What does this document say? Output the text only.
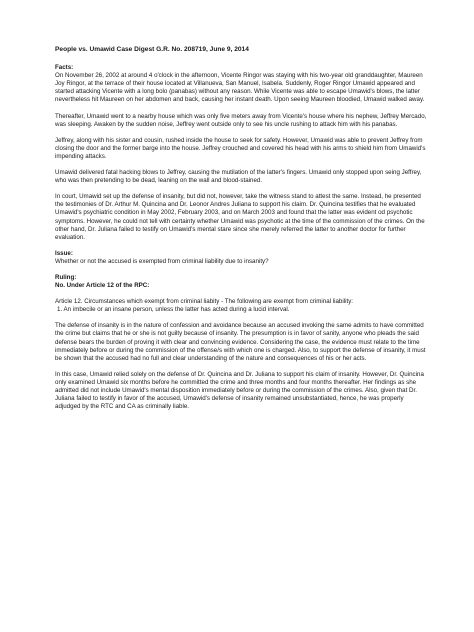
People vs. Umawid Case Digest G.R. No. 208719, June 9, 2014

Facts:

On November 26, 2002 at around 4 o'clock in the afternoon, Vicente Ringor was staying with his two-year old granddaughter, Maureen Joy Ringor, at the terrace of their house located at Villanueva, San Manuel, Isabela. Suddenly, Roger Ringor Umawid appeared and started attacking Vicente with a long bolo (panabas) without any reason. While Vicente was able to escape Umawid's blows, the latter nevertheless hit Maureen on her abdomen and back, causing her instant death. Upon seeing Maureen bloodied, Umawid walked away.

Thereafter, Umawid went to a nearby house which was only five meters away from Vicente's house where his nephew, Jeffrey Mercado, was sleeping. Awaken by the sudden noise, Jeffrey went outside only to see his uncle rushing to attack him with his panabas.

Jeffrey, along with his sister and cousin, rushed inside the house to seek for safety. However, Umawid was able to prevent Jeffrey from closing the door and the former barge into the house. Jeffrey crouched and covered his head with his arms to shield him from Umawid's impending attacks.

Umawid delivered fatal hacking blows to Jeffrey, causing the mutilation of the latter's fingers. Umawid only stopped upon seing Jeffrey, who was then pretending to be dead, leaning on the wall and blood-stained.

In court, Umawid set up the defense of insanity, but did not, however, take the witness stand to attest the same. Instead, he presented the testimonies of Dr. Arthur M. Quincina and Dr. Leonor Andres Juliana to support his claim. Dr. Quincina testifies that he evaluated Umawid's psychiatric condition in May 2002, February 2003, and on March 2003 and found that the latter was evident od psychotic symptoms. However, he could not tell with certainty whether Umawid was psychotic at the time of the commission of the crimes. On the other hand, Dr. Juliana failed to testify on Umawid's mental stare since she merely referred the latter to another doctor for further evaluation.

Issue:

Whether or not the accused is exempted from criminal liability due to insanity?

Ruling:

No. Under Article 12 of the RPC:

Article 12. Circumstances which exempt from criminal liabity - The following are exempt from criminal liability:

1. An imbecile or an insane person, unless the latter has acted during a lucid interval.

The defense of insanity is in the nature of confession and avoidance because an accused invoking the same admits to have committed the crime but claims that he or she is not guilty because of insanity. The presumption is in favor of sanity, anyone who pleads the said defense bears the burden of proving it with clear and convincing evidence. Considering the case, the evidence must relate to the time immediately before or during the commission of the offense/s with which one is charged. Also, to support the defense of insanity, it must be shown that the accused had no full and clear understanding of the nature and consequences of his or her acts.

In this case, Umawid relied solely on the defense of Dr. Quincina and Dr. Juliana to support his claim of insanity. However, Dr. Quincina only examined Umawid six months before he committed the crime and three months and four months thereafter. Her findings as she admitted did not include Umawid's mental disposition immediately before or during the commission of the crimes. Also, given that Dr. Juliana failed to testify in favor of the accused, Umawid's defense of insanity remained unsubstantiated, hence, he was properly adjudged by the RTC and CA as criminally liable.
